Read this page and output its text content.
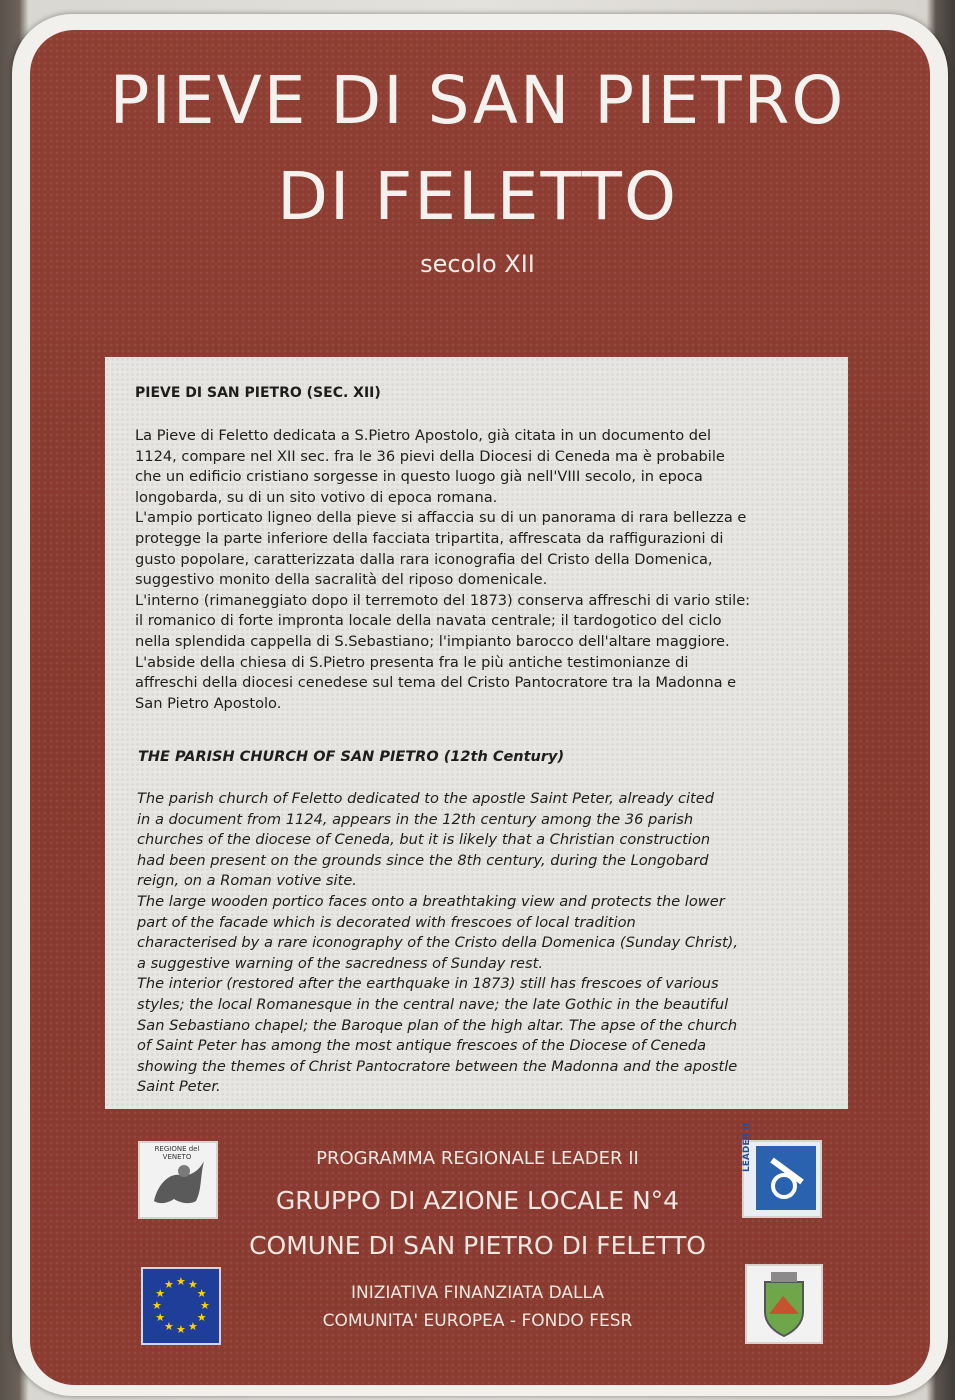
PIEVE DI SAN PIETRO
DI FELETTO
secolo XII
PIEVE DI SAN PIETRO (SEC. XII)
La Pieve di Feletto dedicata a S.Pietro Apostolo, già citata in un documento del
1124, compare nel XII sec. fra le 36 pievi della Diocesi di Ceneda ma è probabile
che un edificio cristiano sorgesse in questo luogo già nell'VIII secolo, in epoca
longobarda, su di un sito votivo di epoca romana.
L'ampio porticato ligneo della pieve si affaccia su di un panorama di rara bellezza e
protegge la parte inferiore della facciata tripartita, affrescata da raffigurazioni di
gusto popolare, caratterizzata dalla rara iconografia del Cristo della Domenica,
suggestivo monito della sacralità del riposo domenicale.
L'interno (rimaneggiato dopo il terremoto del 1873) conserva affreschi di vario stile:
il romanico di forte impronta locale della navata centrale; il tardogotico del ciclo
nella splendida cappella di S.Sebastiano; l'impianto barocco dell'altare maggiore.
L'abside della chiesa di S.Pietro presenta fra le più antiche testimonianze di
affreschi della diocesi cenedese sul tema del Cristo Pantocratore tra la Madonna e
San Pietro Apostolo.
THE PARISH CHURCH OF SAN PIETRO (12th Century)
The parish church of Feletto dedicated to the apostle Saint Peter, already cited
in a document from 1124, appears in the 12th century among the 36 parish
churches of the diocese of Ceneda, but it is likely that a Christian construction
had been present on the grounds since the 8th century, during the Longobard
reign, on a Roman votive site.
The large wooden portico faces onto a breathtaking view and protects the lower
part of the facade which is decorated with frescoes of local tradition
characterised by a rare iconography of the Cristo della Domenica (Sunday Christ),
a suggestive warning of the sacredness of Sunday rest.
The interior (restored after the earthquake in 1873) still has frescoes of various
styles; the local Romanesque in the central nave; the late Gothic in the beautiful
San Sebastiano chapel; the Baroque plan of the high altar. The apse of the church
of Saint Peter has among the most antique frescoes of the Diocese of Ceneda
showing the themes of Christ Pantocratore between the Madonna and the apostle
Saint Peter.
REGIONE del VENETO	LEADER II
★
★
★
★
★
★
★
★
★ ★ ★
★
PROGRAMMA REGIONALE LEADER II
GRUPPO DI AZIONE LOCALE N°4
COMUNE DI SAN PIETRO DI FELETTO
INIZIATIVA FINANZIATA DALLA
COMUNITA' EUROPEA - FONDO FESR
